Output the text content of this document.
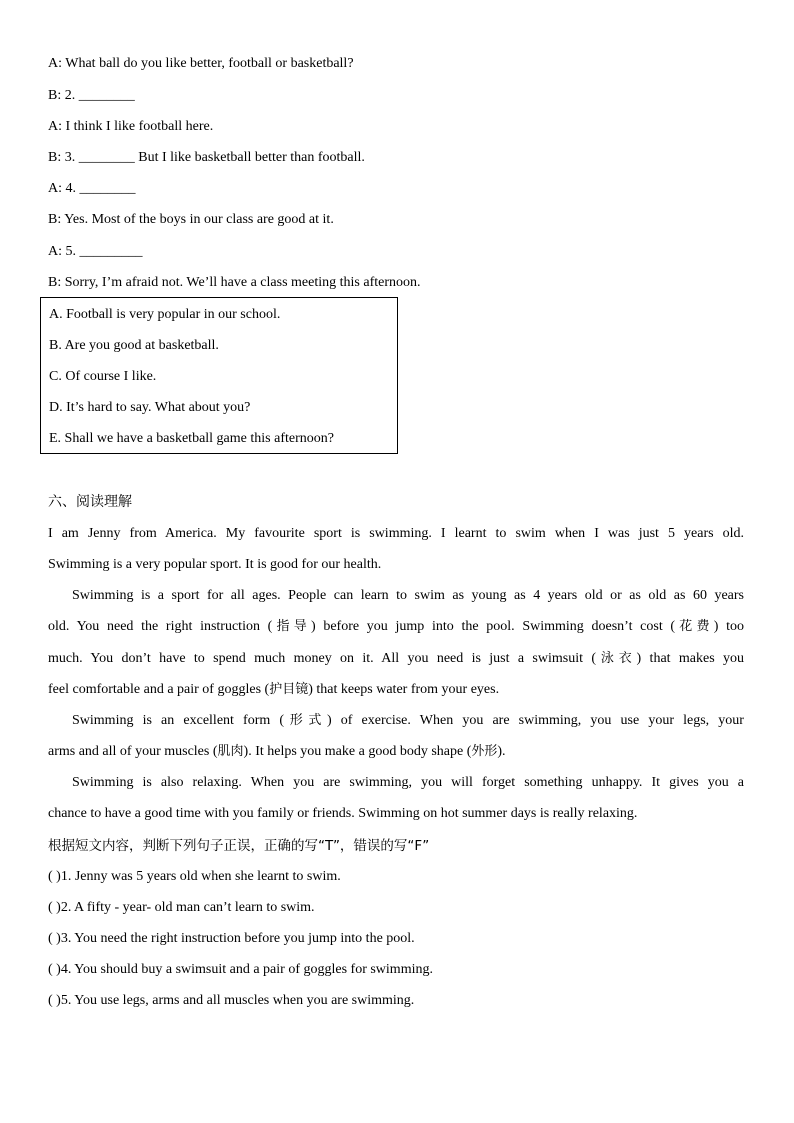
A: What ball do you like better, football or basketball?
B: 2. ________
A: I think I like football here.
B: 3. ________ But I like basketball better than football.
A: 4. ________
B: Yes. Most of the boys in our class are good at it.
A: 5. _________
B: Sorry, I’m afraid not. We’ll have a class meeting this afternoon.
A. Football is very popular in our school.
B. Are you good at basketball.
C. Of course I like.
D. It’s hard to say. What about you?
E. Shall we have a basketball game this afternoon?
六、阅读理解
I am Jenny from America. My favourite sport is swimming. I learnt to swim when I was just 5 years old.
Swimming is a very popular sport. It is good for our health.
Swimming is a sport for all ages. People can learn to swim as young as 4 years old or as old as 60 years
old. You need the right instruction (指导) before you jump into the pool. Swimming doesn’t cost (花费) too
much. You don’t have to spend much money on it. All you need is just a swimsuit (泳衣) that makes you
feel comfortable and a pair of goggles (护目镜) that keeps water from your eyes.
Swimming is an excellent form (形式) of exercise. When you are swimming, you use your legs, your
arms and all of your muscles (肌肉). It helps you make a good body shape (外形).
Swimming is also relaxing. When you are swimming, you will forget something unhappy. It gives you a
chance to have a good time with you family or friends. Swimming on hot summer days is really relaxing.
根据短文内容，判断下列句子正误，正确的写“T”，错误的写“F”
( )1. Jenny was 5 years old when she learnt to swim.
( )2. A fifty - year- old man can’t learn to swim.
( )3. You need the right instruction before you jump into the pool.
( )4. You should buy a swimsuit and a pair of goggles for swimming.
( )5. You use legs, arms and all muscles when you are swimming.
